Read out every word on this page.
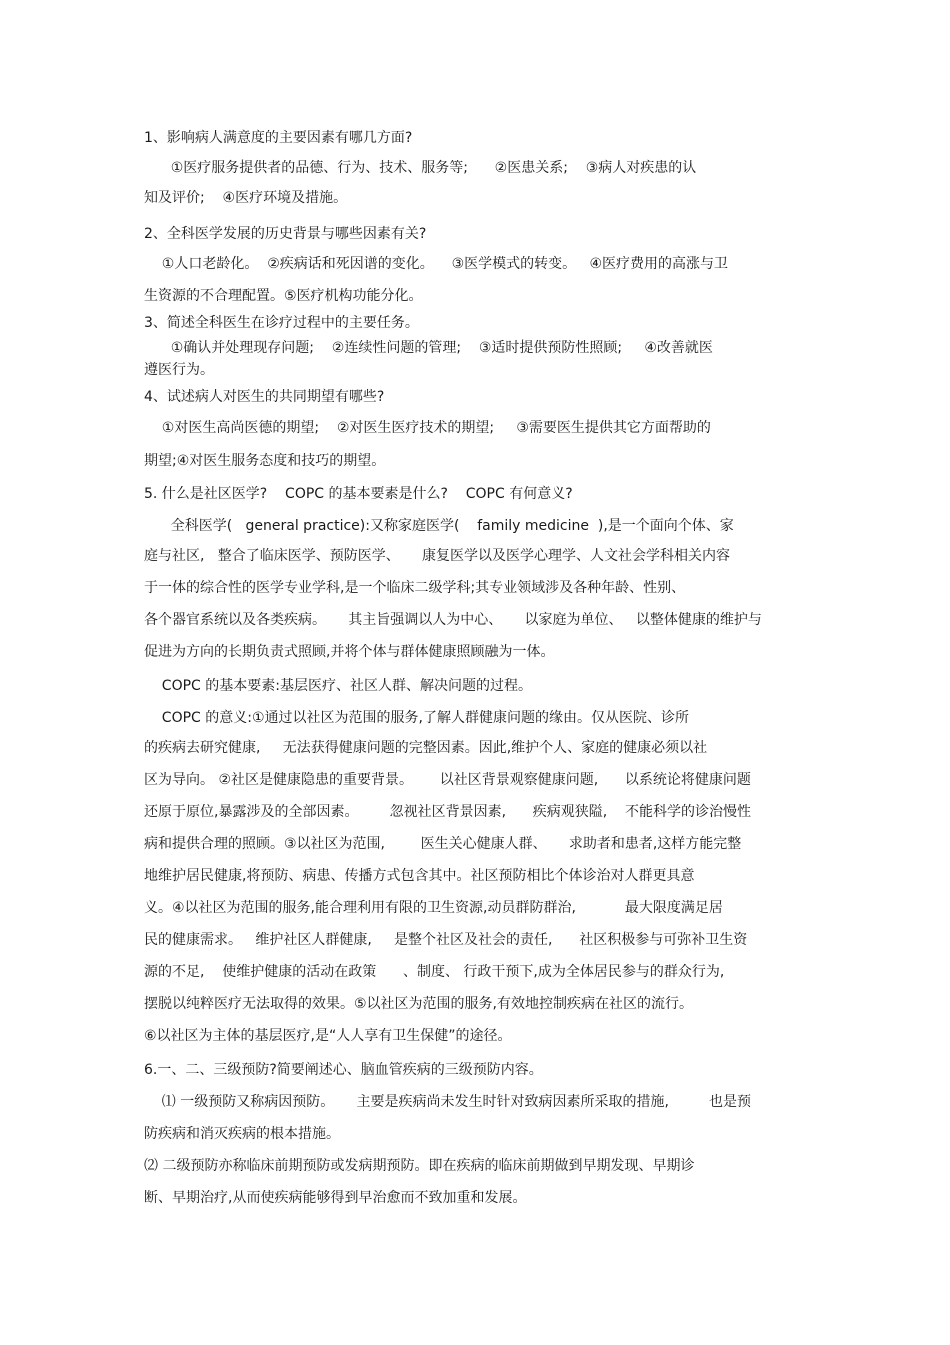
1、影响病人满意度的主要因素有哪几方面?

①医疗服务提供者的品德、行为、技术、服务等;      ②医患关系;    ③病人对疾患的认

知及评价;    ④医疗环境及措施。

2、全科医学发展的历史背景与哪些因素有关?

①人口老龄化。  ②疾病话和死因谱的变化。    ③医学模式的转变。   ④医疗费用的高涨与卫

生资源的不合理配置。⑤医疗机构功能分化。

3、简述全科医生在诊疗过程中的主要任务。

①确认并处理现存问题;    ②连续性问题的管理;    ③适时提供预防性照顾;     ④改善就医

遵医行为。

4、试述病人对医生的共同期望有哪些?

①对医生高尚医德的期望;    ②对医生医疗技术的期望;     ③需要医生提供其它方面帮助的

期望;④对医生服务态度和技巧的期望。

5. 什么是社区医学?    COPC 的基本要素是什么?    COPC 有何意义?

全科医学(   general practice):又称家庭医学(    family medicine  ),是一个面向个体、家

庭与社区,   整合了临床医学、预防医学、     康复医学以及医学心理学、人文社会学科相关内容

于一体的综合性的医学专业学科,是一个临床二级学科;其专业领域涉及各种年龄、性别、

各个器官系统以及各类疾病。     其主旨强调以人为中心、     以家庭为单位、   以整体健康的维护与

促进为方向的长期负责式照顾,并将个体与群体健康照顾融为一体。

COPC 的基本要素:基层医疗、社区人群、解决问题的过程。

COPC 的意义:①通过以社区为范围的服务,了解人群健康问题的缘由。仅从医院、诊所

的疾病去研究健康,     无法获得健康问题的完整因素。因此,维护个人、家庭的健康必须以社

区为导向。 ②社区是健康隐患的重要背景。      以社区背景观察健康问题,      以系统论将健康问题

还原于原位,暴露涉及的全部因素。       忽视社区背景因素,      疾病观狭隘,    不能科学的诊治慢性

病和提供合理的照顾。③以社区为范围,        医生关心健康人群、     求助者和患者,这样方能完整

地维护居民健康,将预防、病患、传播方式包含其中。社区预防相比个体诊治对人群更具意

义。④以社区为范围的服务,能合理利用有限的卫生资源,动员群防群治,           最大限度满足居

民的健康需求。   维护社区人群健康,     是整个社区及社会的责任,      社区积极参与可弥补卫生资

源的不足,    使维护健康的活动在政策      、制度、 行政干预下,成为全体居民参与的群众行为,

摆脱以纯粹医疗无法取得的效果。⑤以社区为范围的服务,有效地控制疾病在社区的流行。

⑥以社区为主体的基层医疗,是“人人享有卫生保健”的途径。

6.一、二、三级预防?简要阐述心、脑血管疾病的三级预防内容。

⑴ 一级预防又称病因预防。     主要是疾病尚未发生时针对致病因素所采取的措施,         也是预

防疾病和消灭疾病的根本措施。

⑵ 二级预防亦称临床前期预防或发病期预防。即在疾病的临床前期做到早期发现、早期诊

断、早期治疗,从而使疾病能够得到早治愈而不致加重和发展。
